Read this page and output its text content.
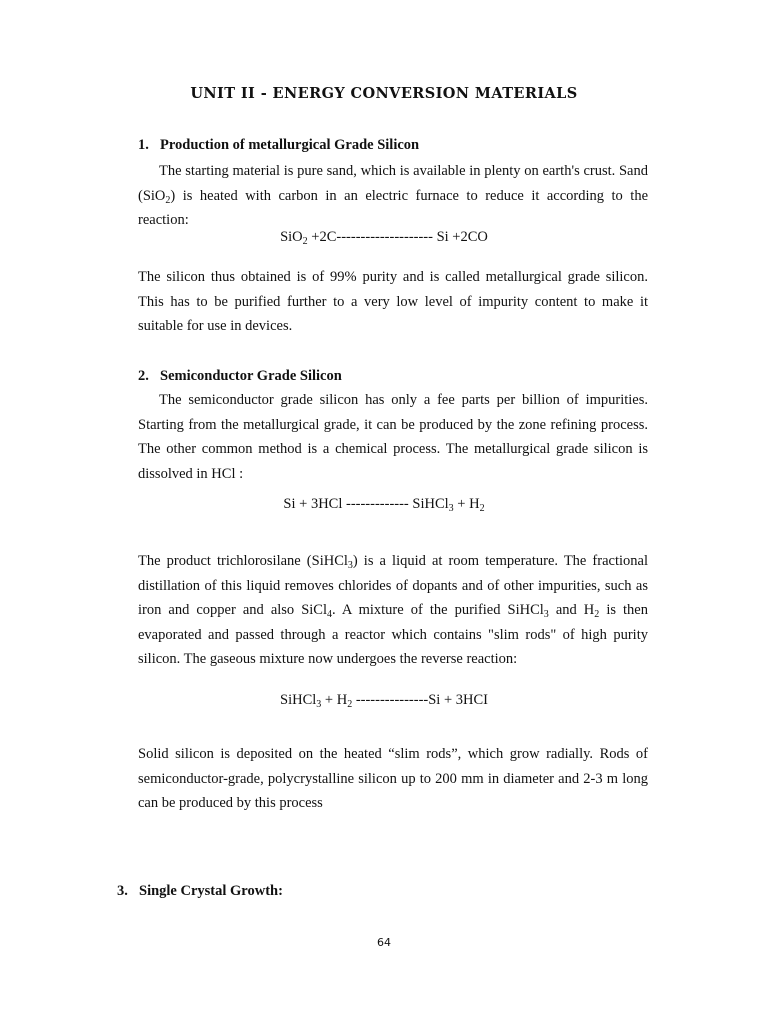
UNIT II - ENERGY CONVERSION MATERIALS
1. Production of metallurgical Grade Silicon

The starting material is pure sand, which is available in plenty on earth's crust. Sand (SiO$_2$) is heated with carbon in an electric furnace to reduce it according to the reaction:

SiO$_2$ +2C-------------------- Si +2CO

The silicon thus obtained is of 99% purity and is called metallurgical grade silicon. This has to be purified further to a very low level of impurity content to make it suitable for use in devices.

2. Semiconductor Grade Silicon

The semiconductor grade silicon has only a fee parts per billion of impurities. Starting from the metallurgical grade, it can be produced by the zone refining process. The other common method is a chemical process. The metallurgical grade silicon is dissolved in HCl :

Si + 3HCl ------------- SiHCl$_3$ + $H_2$

The product trichlorosilane (SiHCl$_3$) is a liquid at room temperature. The fractional distillation of this liquid removes chlorides of dopants and of other impurities, such as iron and copper and also SiCl$_4$. A mixture of the purified SiHCl$_3$ and $H_2$ is then evaporated and passed through a reactor which contains "slim rods" of high purity silicon. The gaseous mixture now undergoes the reverse reaction:

SiHCl$_3$ + $H_2$ ---------------Si + 3HCI

Solid silicon is deposited on the heated “slim rods”, which grow radially. Rods of semiconductor-grade, polycrystalline silicon up to 200 mm in diameter and 2-3 m long can be produced by this process

3. Single Crystal Growth:
64
